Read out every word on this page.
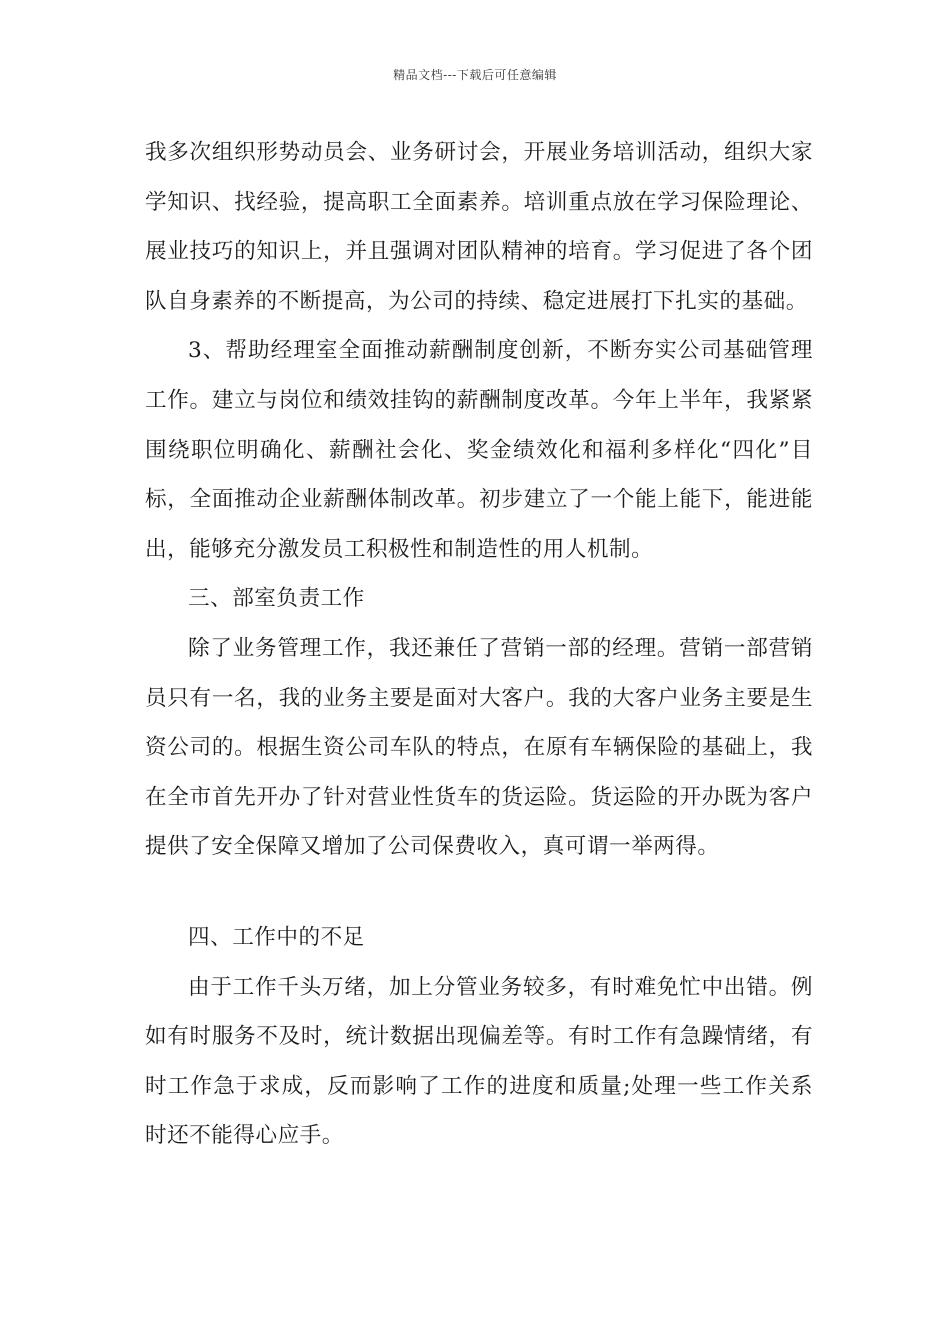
精品文档---下载后可任意编辑

我多次组织形势动员会、业务研讨会，开展业务培训活动，组织大家学知识、找经验，提高职工全面素养。培训重点放在学习保险理论、展业技巧的知识上，并且强调对团队精神的培育。学习促进了各个团队自身素养的不断提高，为公司的持续、稳定进展打下扎实的基础。

3、帮助经理室全面推动薪酬制度创新，不断夯实公司基础管理工作。建立与岗位和绩效挂钩的薪酬制度改革。今年上半年，我紧紧围绕职位明确化、薪酬社会化、奖金绩效化和福利多样化“四化”目标，全面推动企业薪酬体制改革。初步建立了一个能上能下，能进能出，能够充分激发员工积极性和制造性的用人机制。

三、部室负责工作

除了业务管理工作，我还兼任了营销一部的经理。营销一部营销员只有一名，我的业务主要是面对大客户。我的大客户业务主要是生资公司的。根据生资公司车队的特点，在原有车辆保险的基础上，我在全市首先开办了针对营业性货车的货运险。货运险的开办既为客户提供了安全保障又增加了公司保费收入，真可谓一举两得。

四、工作中的不足

由于工作千头万绪，加上分管业务较多，有时难免忙中出错。例如有时服务不及时，统计数据出现偏差等。有时工作有急躁情绪，有时工作急于求成，反而影响了工作的进度和质量;处理一些工作关系时还不能得心应手。
